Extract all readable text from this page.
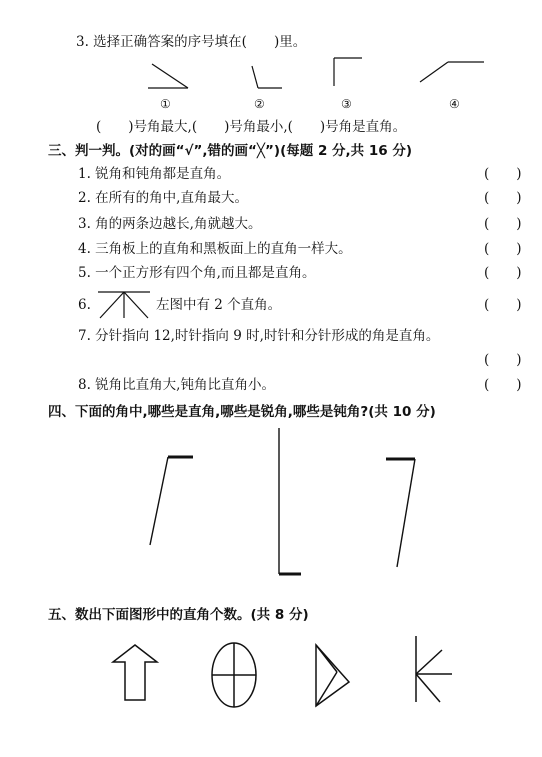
3. 选择正确答案的序号填在(　　)里。
①	②	③	④
(　　)号角最大,(　　)号角最小,(　　)号角是直角。
三、判一判。(对的画“√”,错的画“╳”)(每题 2 分,共 16 分)
1. 锐角和钝角都是直角。	(　　)
2. 在所有的角中,直角最大。	(　　)
3. 角的两条边越长,角就越大。	(　　)
4. 三角板上的直角和黑板面上的直角一样大。	(　　)
5. 一个正方形有四个角,而且都是直角。	(　　)
6.	左图中有 2 个直角。	(　　)
7. 分针指向 12,时针指向 9 时,时针和分针形成的角是直角。
(　　)
8. 锐角比直角大,钝角比直角小。	(　　)
四、下面的角中,哪些是直角,哪些是锐角,哪些是钝角?(共 10 分)
五、数出下面图形中的直角个数。(共 8 分)
